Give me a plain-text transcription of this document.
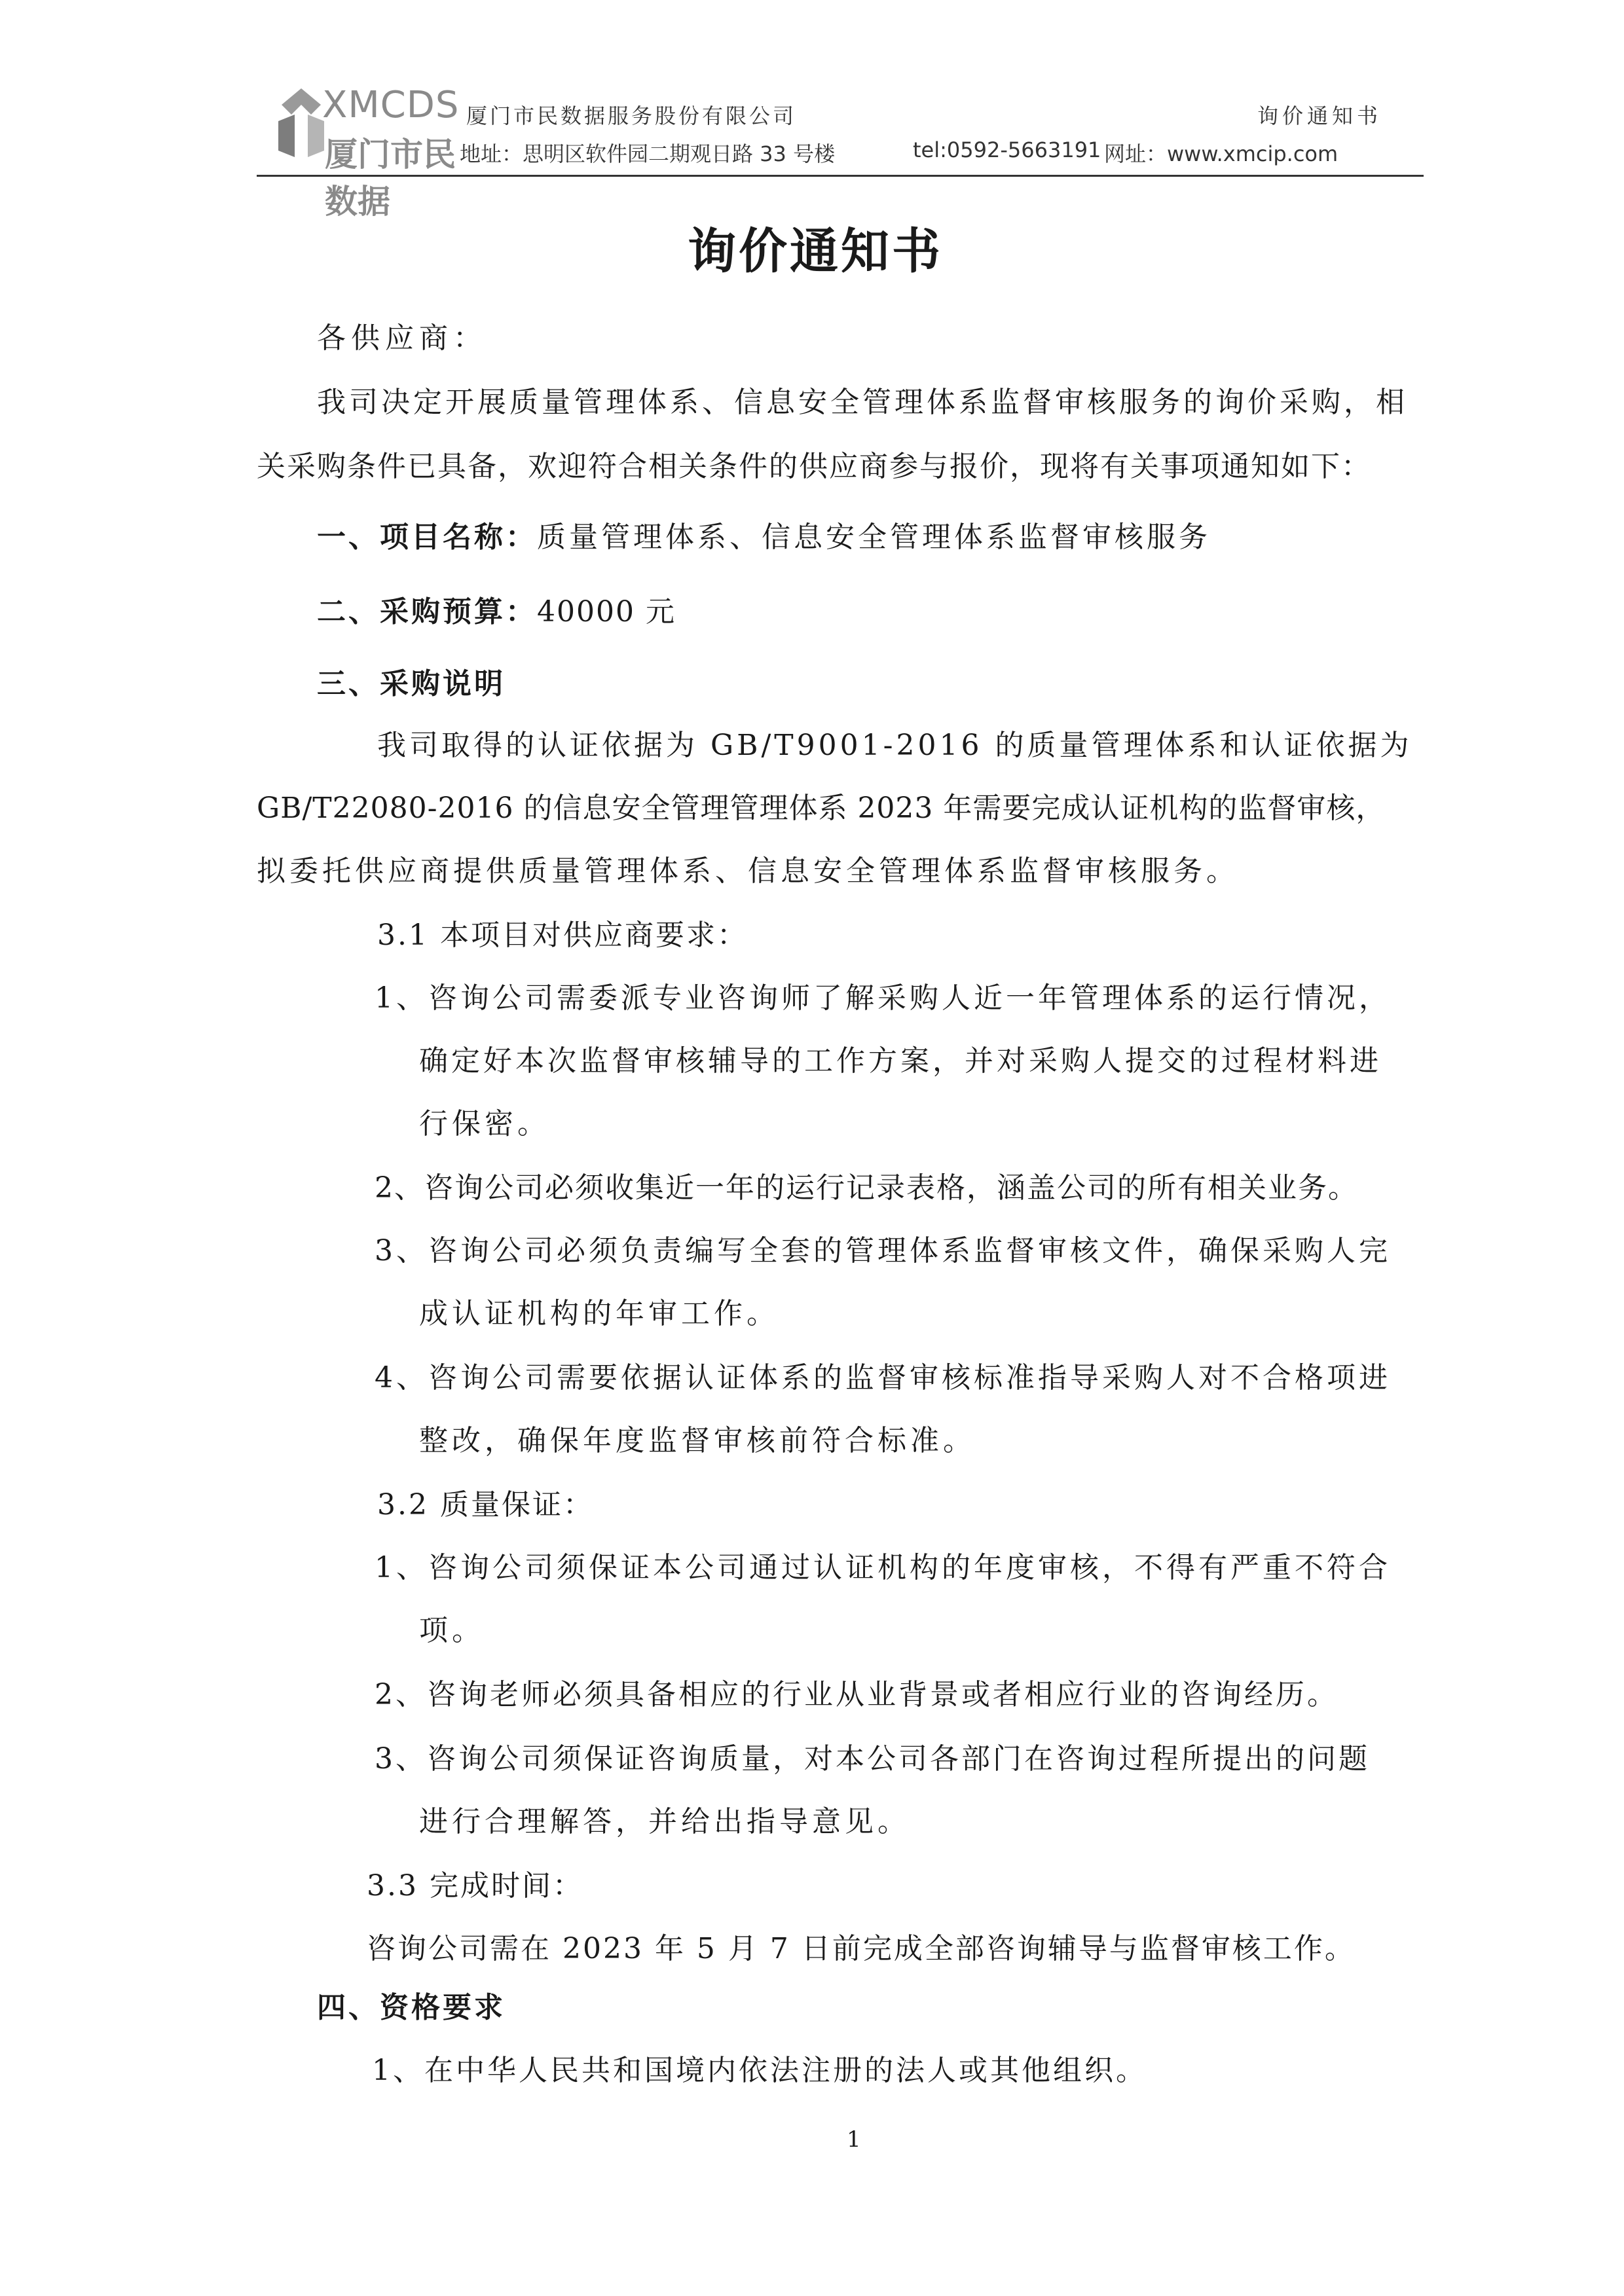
XMCDS
厦门市民数据
厦门市民数据服务股份有限公司	询价通知书
地址：思明区软件园二期观日路 33 号楼	tel:0592-5663191 网址：www.xmcip.com
询价通知书
各供应商：
我司决定开展质量管理体系、信息安全管理体系监督审核服务的询价采购，相
关采购条件已具备，欢迎符合相关条件的供应商参与报价，现将有关事项通知如下：
一、项目名称：质量管理体系、信息安全管理体系监督审核服务
二、采购预算：40000 元
三、采购说明
我司取得的认证依据为 GB/T9001-2016 的质量管理体系和认证依据为
GB/T22080-2016 的信息安全管理管理体系 2023 年需要完成认证机构的监督审核，
拟委托供应商提供质量管理体系、信息安全管理体系监督审核服务。
3.1 本项目对供应商要求：
1、咨询公司需委派专业咨询师了解采购人近一年管理体系的运行情况，
确定好本次监督审核辅导的工作方案，并对采购人提交的过程材料进
行保密。
2、咨询公司必须收集近一年的运行记录表格，涵盖公司的所有相关业务。
3、咨询公司必须负责编写全套的管理体系监督审核文件，确保采购人完
成认证机构的年审工作。
4、咨询公司需要依据认证体系的监督审核标准指导采购人对不合格项进
整改，确保年度监督审核前符合标准。
3.2 质量保证：
1、咨询公司须保证本公司通过认证机构的年度审核，不得有严重不符合
项。
2、咨询老师必须具备相应的行业从业背景或者相应行业的咨询经历。
3、咨询公司须保证咨询质量，对本公司各部门在咨询过程所提出的问题
进行合理解答，并给出指导意见。
3.3 完成时间：
咨询公司需在 2023 年 5 月 7 日前完成全部咨询辅导与监督审核工作。
四、资格要求
1、在中华人民共和国境内依法注册的法人或其他组织。
1
